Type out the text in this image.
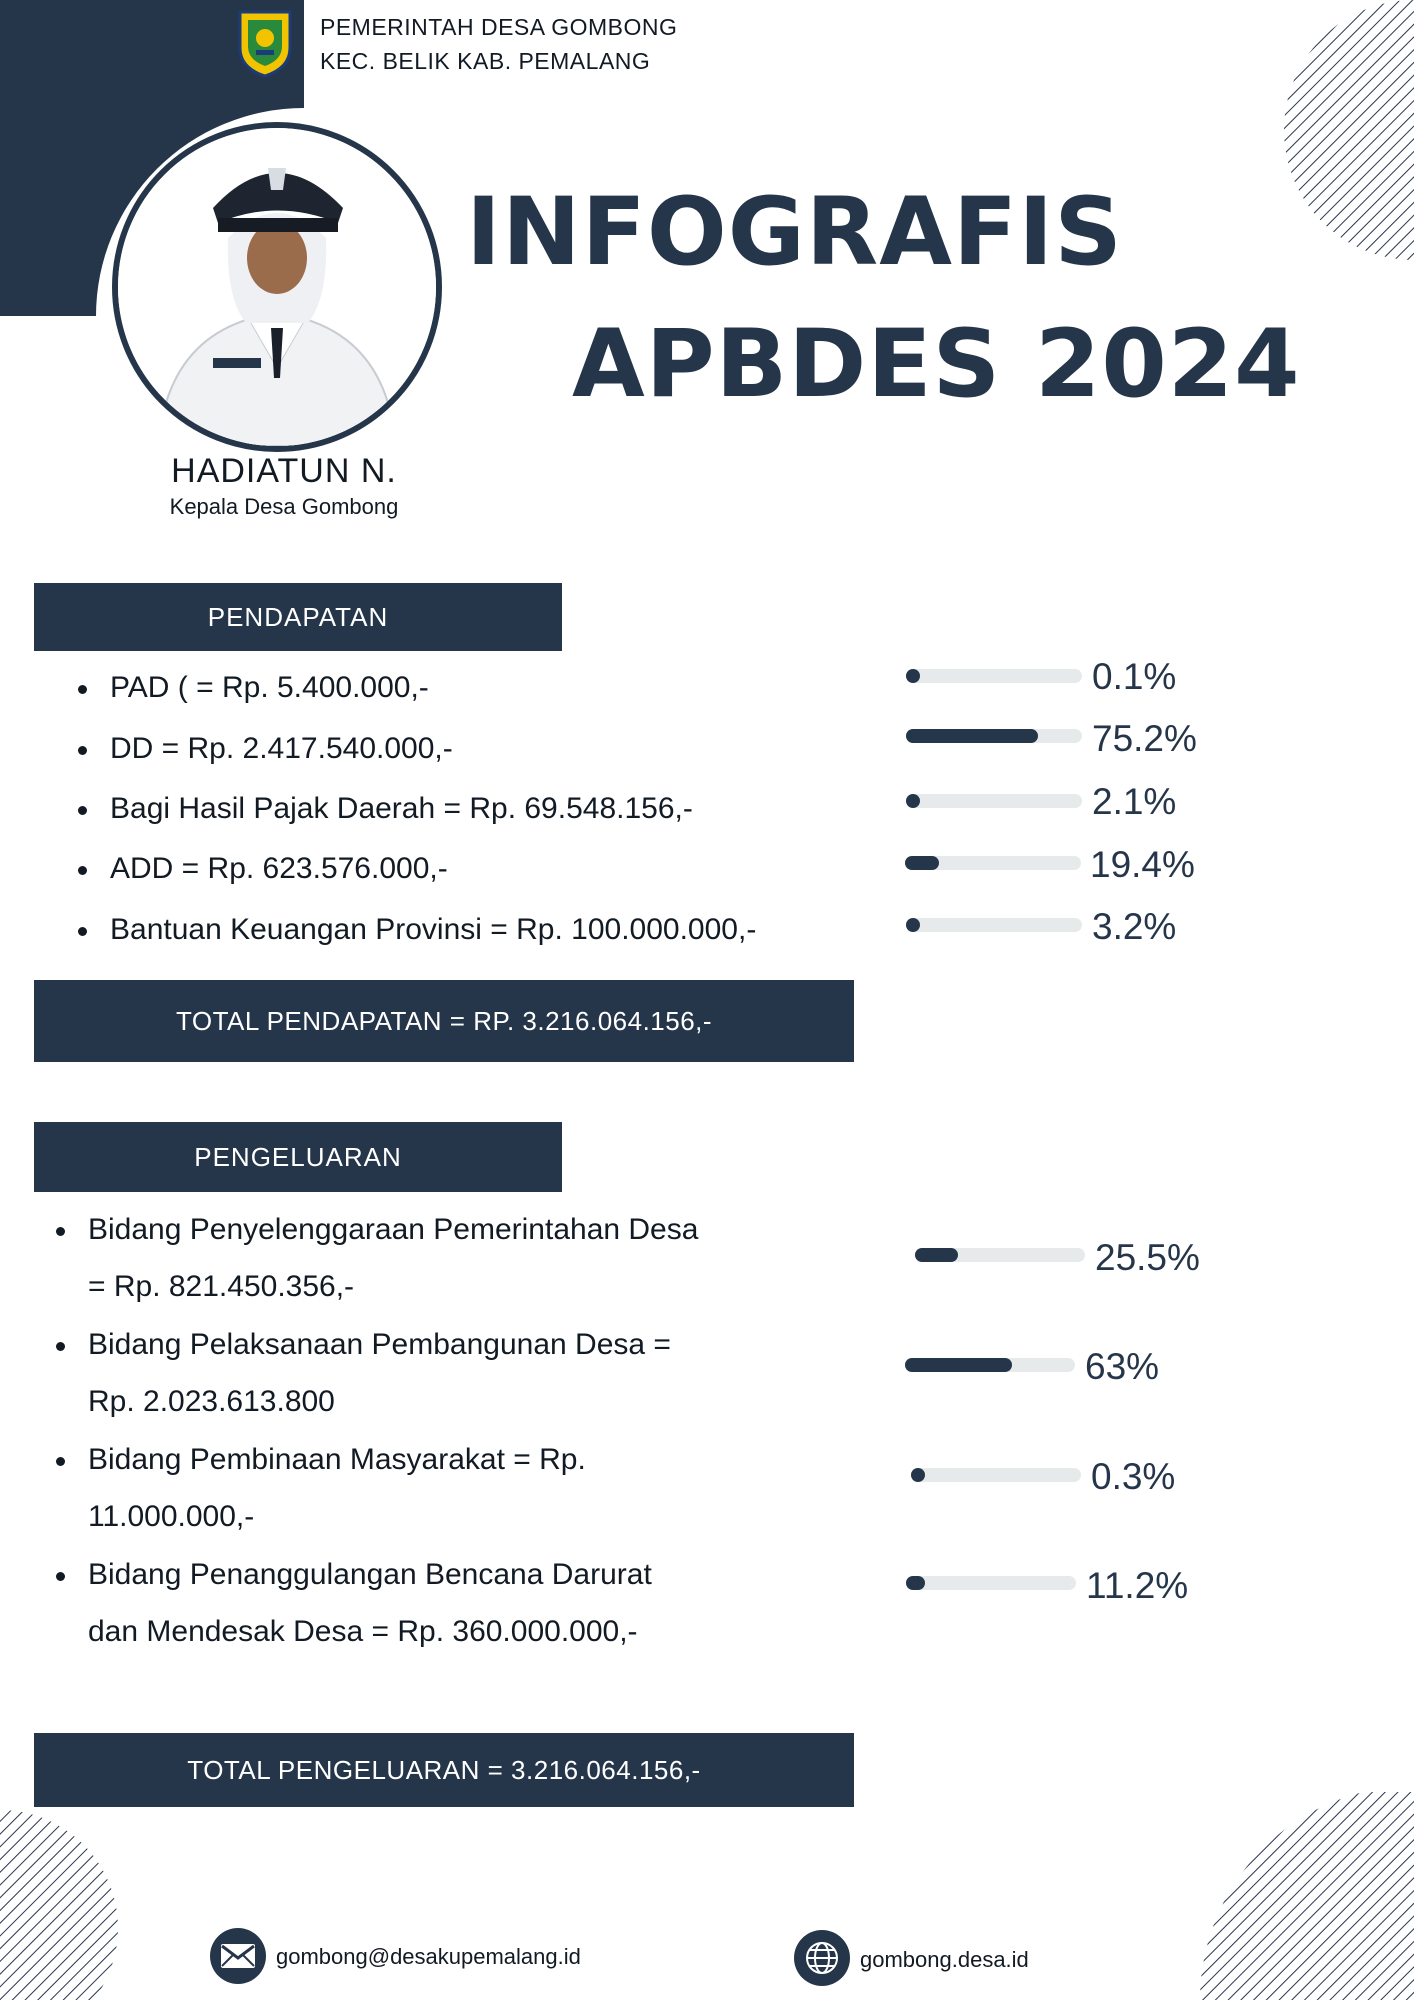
PEMERINTAH DESA GOMBONG
KEC. BELIK KAB. PEMALANG
HADIATUN N.
Kepala Desa Gombong
INFOGRAFIS
APBDES 2024
PENDAPATAN
PAD ( = Rp. 5.400.000,-
DD = Rp. 2.417.540.000,-
Bagi Hasil Pajak Daerah = Rp. 69.548.156,-
ADD = Rp. 623.576.000,-
Bantuan Keuangan Provinsi = Rp. 100.000.000,-
0.1%
75.2%
2.1%
19.4%
3.2%
TOTAL PENDAPATAN = RP. 3.216.064.156,-
PENGELUARAN
Bidang Penyelenggaraan Pemerintahan Desa = Rp. 821.450.356,-
Bidang Pelaksanaan Pembangunan Desa = Rp. 2.023.613.800
Bidang Pembinaan Masyarakat = Rp. 11.000.000,-
Bidang Penanggulangan Bencana Darurat dan Mendesak Desa = Rp. 360.000.000,-
25.5%
63%
0.3%
11.2%
TOTAL PENGELUARAN = 3.216.064.156,-
gombong@desakupemalang.id	gombong.desa.id
